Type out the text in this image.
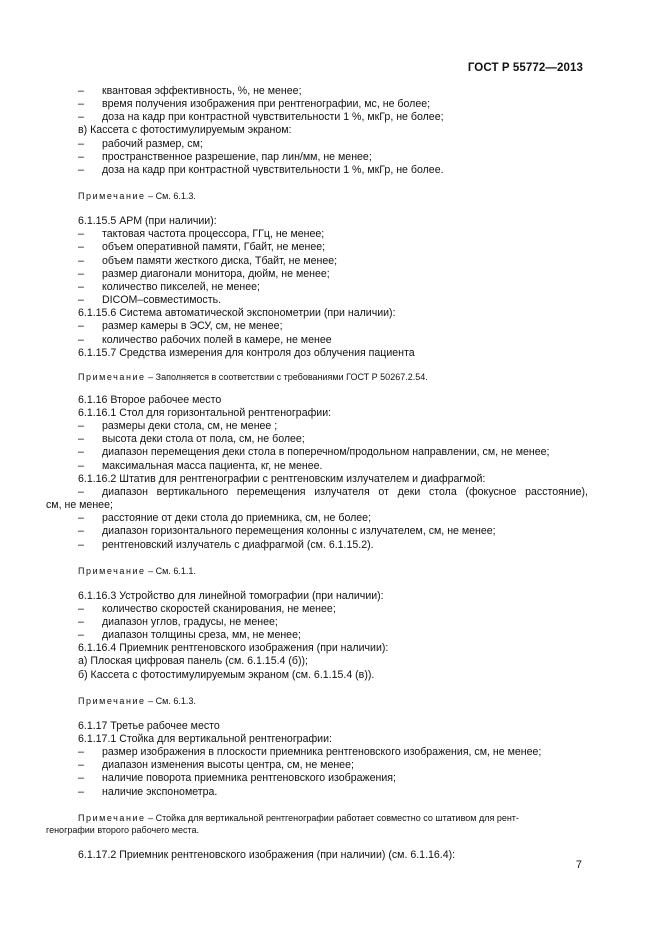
ГОСТ Р 55772—2013
– квантовая эффективность, %, не менее;
– время получения изображения при рентгенографии, мс, не более;
– доза на кадр при контрастной чувствительности 1 %, мкГр, не более;
в) Кассета с фотостимулируемым экраном:
– рабочий размер, см;
– пространственное разрешение, пар лин/мм, не менее;
– доза на кадр при контрастной чувствительности 1 %, мкГр, не более.
Примечание – См. 6.1.3.
6.1.15.5 АРМ (при наличии):
– тактовая частота процессора, ГГц, не менее;
– объем оперативной памяти, Гбайт, не менее;
– объем памяти жесткого диска, Тбайт, не менее;
– размер диагонали монитора, дюйм, не менее;
– количество пикселей, не менее;
– DICOM–совместимость.
6.1.15.6 Система автоматической экспонометрии (при наличии):
– размер камеры в ЭСУ, см, не менее;
– количество рабочих полей в камере, не менее
6.1.15.7 Средства измерения для контроля доз облучения пациента
Примечание – Заполняется в соответствии с требованиями ГОСТ Р 50267.2.54.
6.1.16 Второе рабочее место
6.1.16.1 Стол для горизонтальной рентгенографии:
– размеры деки стола, см, не менее ;
– высота деки стола от пола, см, не более;
– диапазон перемещения деки стола в поперечном/продольном направлении, см, не менее;
– максимальная масса пациента, кг, не менее.
6.1.16.2 Штатив для рентгенографии с рентгеновским излучателем и диафрагмой:
– диапазон вертикального перемещения излучателя от деки стола (фокусное расстояние),
см, не менее;
– расстояние от деки стола до приемника, см, не более;
– диапазон горизонтального перемещения колонны с излучателем, см, не менее;
– рентгеновский излучатель с диафрагмой (см. 6.1.15.2).
Примечание – См. 6.1.1.
6.1.16.3 Устройство для линейной томографии (при наличии):
– количество скоростей сканирования, не менее;
– диапазон углов, градусы, не менее;
– диапазон толщины среза, мм, не менее;
6.1.16.4 Приемник рентгеновского изображения (при наличии):
а) Плоская цифровая панель (см. 6.1.15.4 (б));
б) Кассета с фотостимулируемым экраном (см. 6.1.15.4 (в)).
Примечание – См. 6.1.3.
6.1.17 Третье рабочее место
6.1.17.1 Стойка для вертикальной рентгенографии:
– размер изображения в плоскости приемника рентгеновского изображения, см, не менее;
– диапазон изменения высоты центра, см, не менее;
– наличие поворота приемника рентгеновского изображения;
– наличие экспонометра.
Примечание – Стойка для вертикальной рентгенографии работает совместно со штативом для рент-
генографии второго рабочего места.
6.1.17.2 Приемник рентгеновского изображения (при наличии) (см. 6.1.16.4):
7
